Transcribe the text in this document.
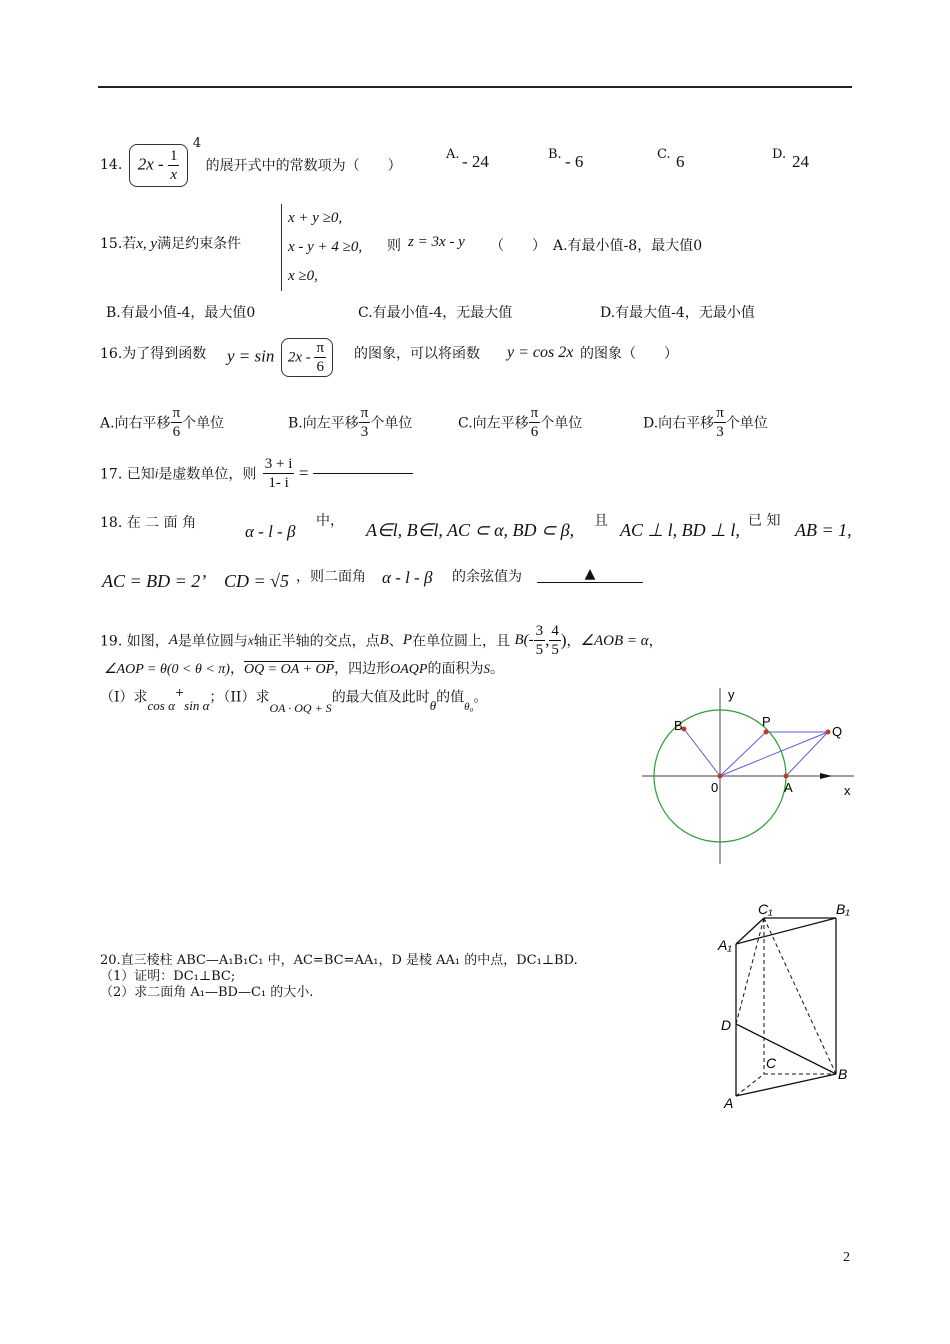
14. $2x - \frac{1}{x}$
$^4$ 的展开式中的常数项为（　　）
A. - 24	B. - 6	C. 6	D. 24
15.若x, y满足约束条件
x + y ≥0,
x - y + 4 ≥0,
x ≥0,
则 z = 3x - y （　　） A.有最小值-8，最大值0
B.有最小值-4，最大值0	C.有最小值-4，无最大值	D.有最大值-4，无最小值
16.为了得到函数 $y = \sin 2x - \frac{\pi}{6}$ 的图象，可以将函数 y = cos 2x 的图象（　　）
A.向右平移 $\frac{\pi}{6}$ 个单位	B.向左平移 $\frac{\pi}{3}$ 个单位	C.向左平移 $\frac{\pi}{6}$ 个单位	D.向右平移 $\frac{\pi}{3}$ 个单位
17. 已知i是虚数单位，则 $\frac{3 + i}{1- i}$ =
18. 在 二 面 角	α - l - β
中， A∈l, B∈l, AC ⊂ α, BD ⊂ β, 且 AC ⊥ l, BD ⊥ l, 已 知 AB = 1,
AC = BD = 2’ CD = √5 ，则二面角 α - l - β 的余弦值为	▲
19. 如图，A是单位圆与x轴正半轴的交点，点B、P在单位圆上，且 $B(- \frac{3}{5}$ , $\frac{4}{5}$ )，∠AOB = α，
∠AOP = θ(0 < θ < π)，OQ = OA + OP，四边形OAQP的面积为S。
（I）求cos α+sin α；（II）求OA · OQ + S的最大值及此时θ的值$_{\theta_0}$。	y
x
B	P
Q
0	A
20.直三棱柱 ABC—A₁B₁C₁ 中，AC=BC=AA₁，D 是棱 AA₁ 的中点，DC₁⊥BD.
（1）证明：DC₁⊥BC;
（2）求二面角 A₁—BD—C₁ 的大小.
C₁	B₁
A₁
D
C
B
A
2
